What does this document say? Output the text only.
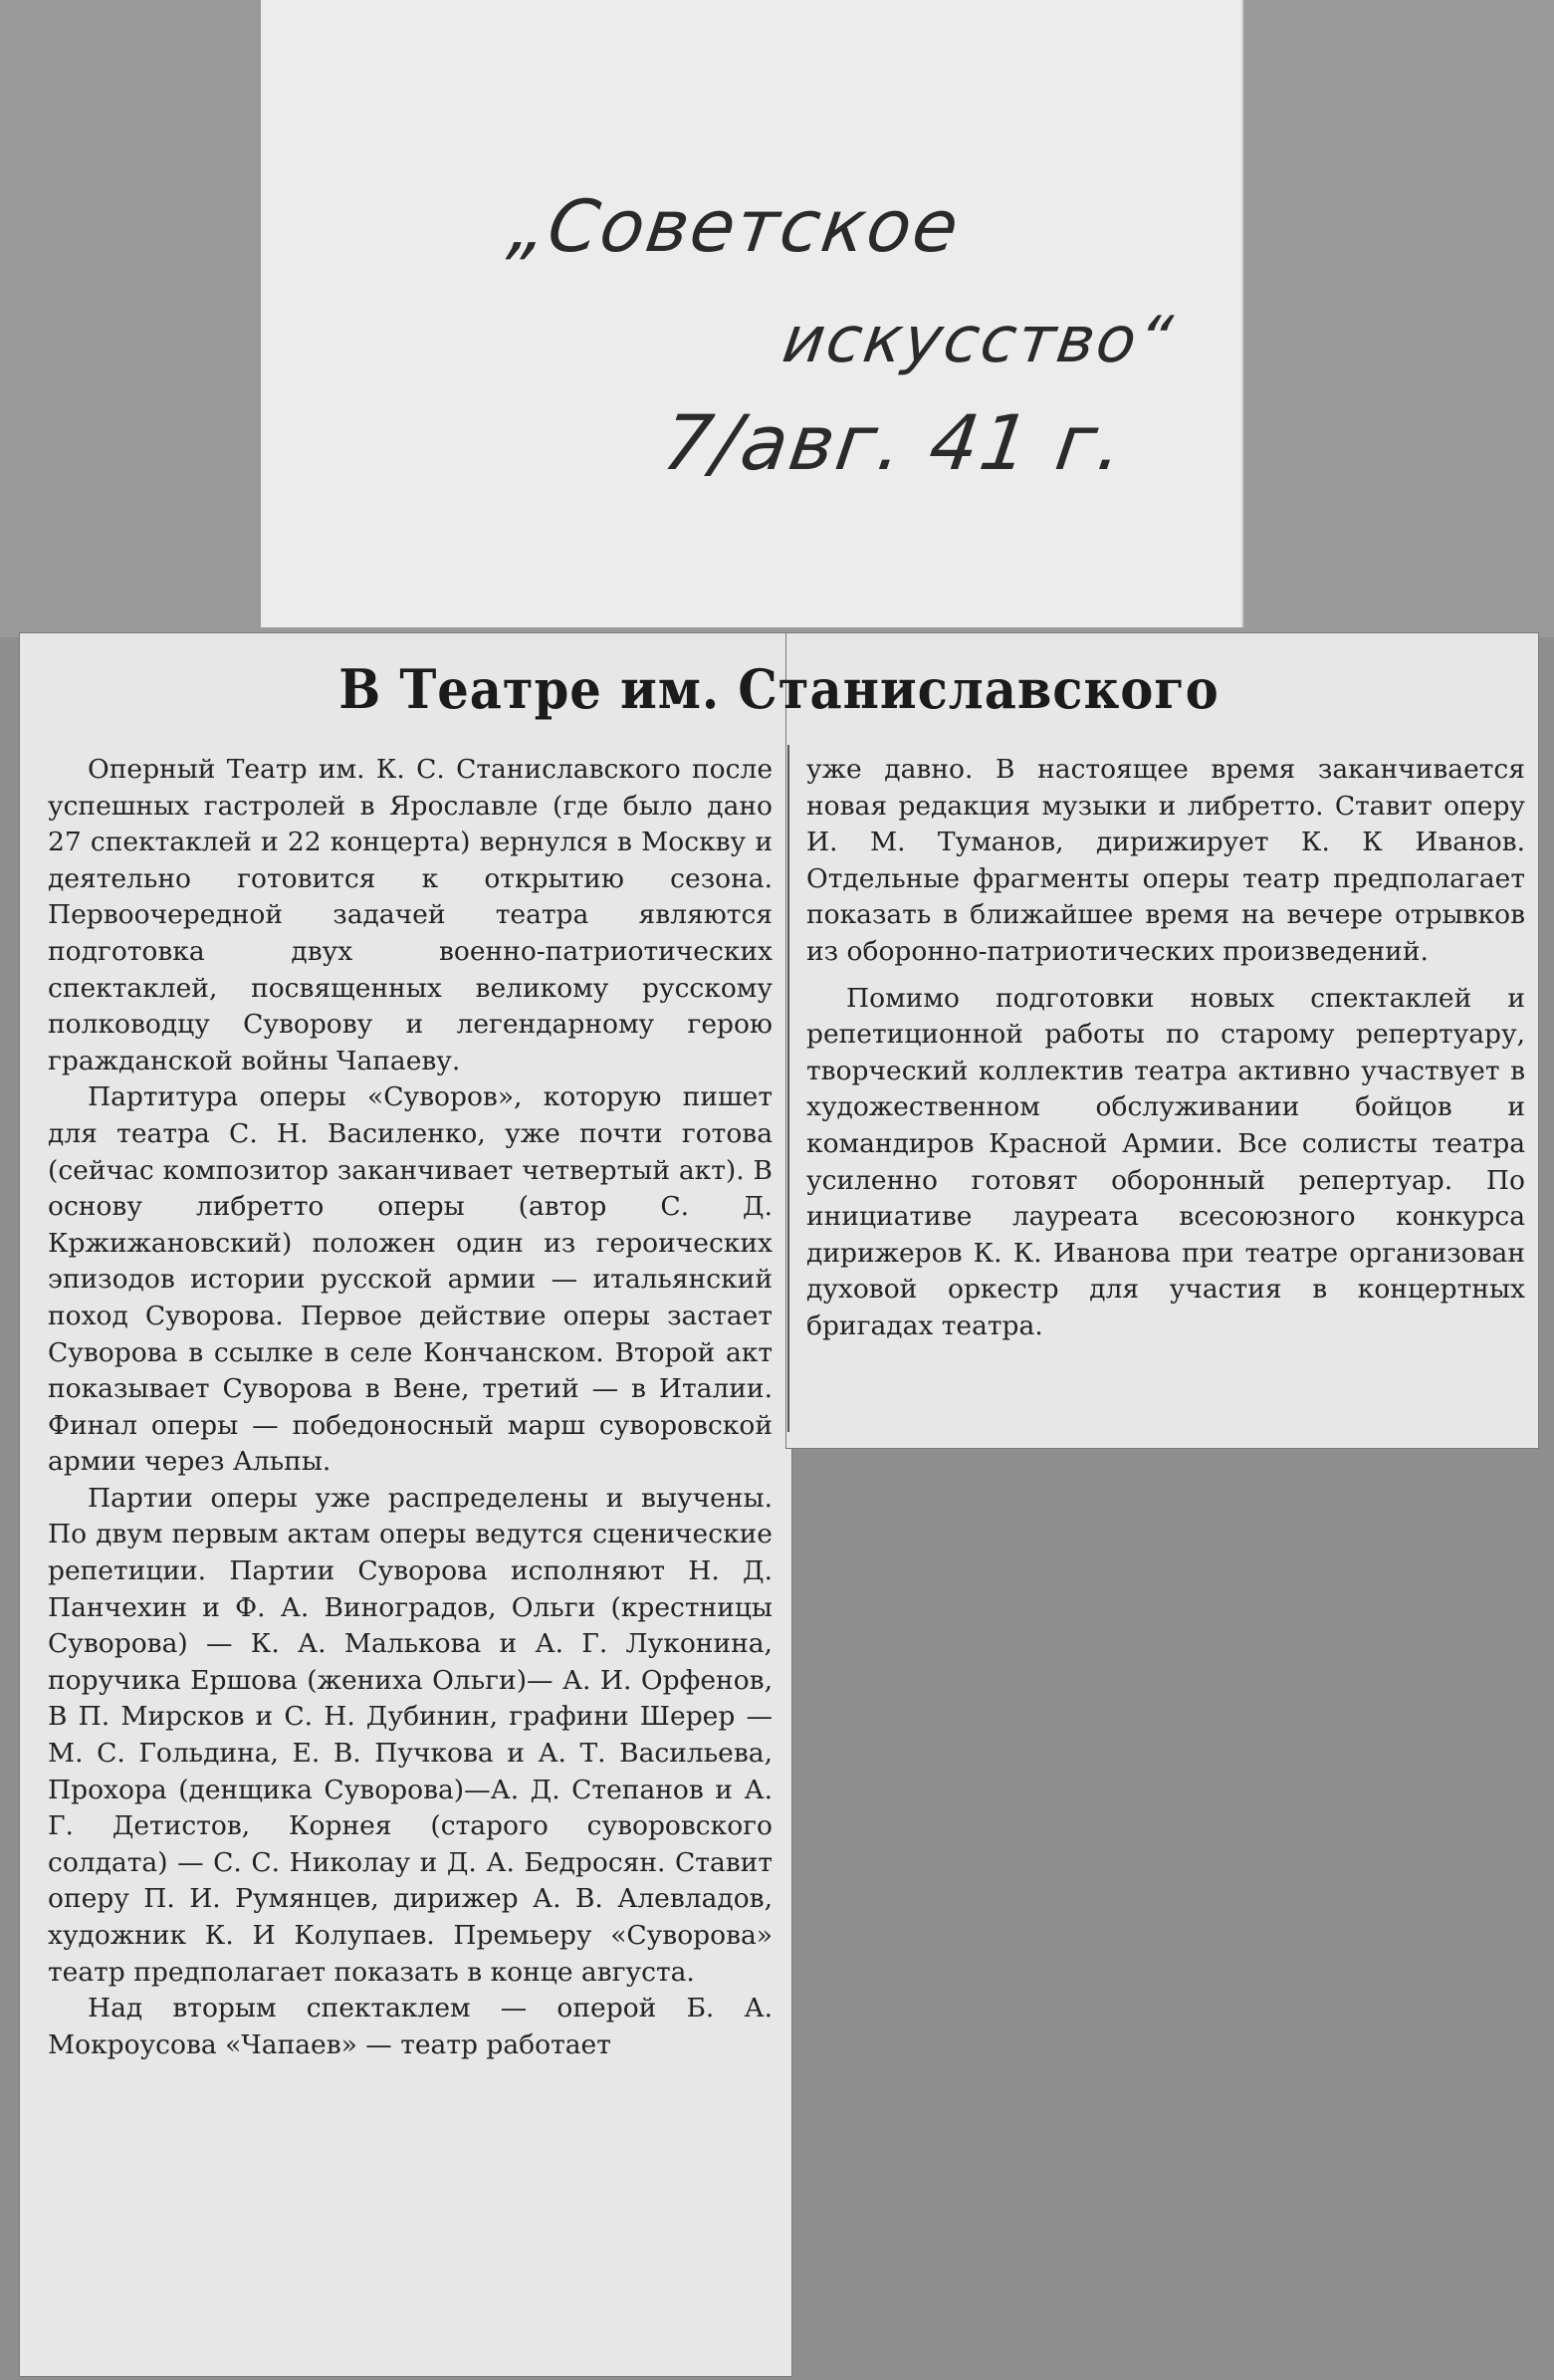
„Советское
искусство“
7/авг. 41 г.
В Театре им. Станиславского

Оперный Театр им. К. С. Станиславского после успешных гастролей в Ярославле (где было дано 27 спектаклей и 22 концерта) вернулся в Москву и деятельно готовится к открытию сезона. Первоочередной задачей театра являются подготовка двух военно-патриотических спектаклей, посвященных великому русскому полководцу Суворову и легендарному герою гражданской войны Чапаеву.

Партитура оперы «Суворов», которую пишет для театра С. Н. Василенко, уже почти готова (сейчас композитор заканчивает четвертый акт). В основу либретто оперы (автор С. Д. Кржижановский) положен один из героических эпизодов истории русской армии — итальянский поход Суворова. Первое действие оперы застает Суворова в ссылке в селе Кончанском. Второй акт показывает Суворова в Вене, третий — в Италии. Финал оперы — победоносный марш суворовской армии через Альпы.

Партии оперы уже распределены и выучены. По двум первым актам оперы ведутся сценические репетиции. Партии Суворова исполняют Н. Д. Панчехин и Ф. А. Виноградов, Ольги (крестницы Суворова) — К. А. Малькова и А. Г. Луконина, поручика Ершова (жениха Ольги)— А. И. Орфенов, В П. Мирсков и С. Н. Дубинин, графини Шерер — М. С. Гольдина, Е. В. Пучкова и А. Т. Васильева, Прохора (денщика Суворова)—А. Д. Степанов и А. Г. Детистов, Корнея (старого суворовского солдата) — С. С. Николау и Д. А. Бедросян. Ставит оперу П. И. Румянцев, дирижер А. В. Алевладов, художник К. И Колупаев. Премьеру «Суворова» театр предполагает показать в конце августа.

Над вторым спектаклем — оперой Б. А. Мокроусова «Чапаев» — театр работает

уже давно. В настоящее время заканчивается новая редакция музыки и либретто. Ставит оперу И. М. Туманов, дирижирует К. К Иванов. Отдельные фрагменты оперы театр предполагает показать в ближайшее время на вечере отрывков из оборонно-патриотических произведений.

Помимо подготовки новых спектаклей и репетиционной работы по старому репертуару, творческий коллектив театра активно участвует в художественном обслуживании бойцов и командиров Красной Армии. Все солисты театра усиленно готовят оборонный репертуар. По инициативе лауреата всесоюзного конкурса дирижеров К. К. Иванова при театре организован духовой оркестр для участия в концертных бригадах театра.
